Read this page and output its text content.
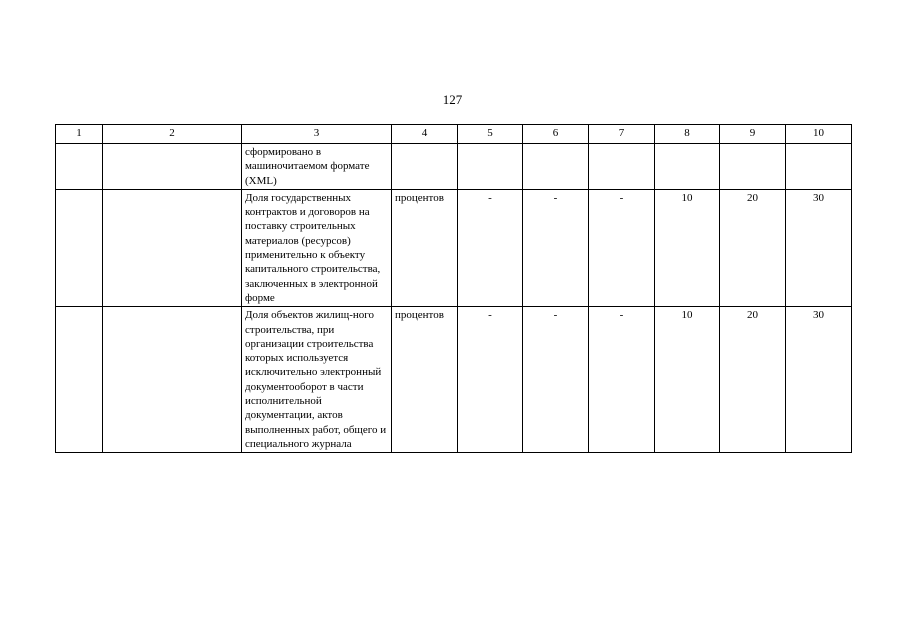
127
1	2	3	4	5	6	7	8	9	10
		сформировано в машиночитаемом формате (XML)							
		Доля государственных контрактов и договоров на поставку строительных материалов (ресурсов) применительно к объекту капитального строительства, заключенных в электронной форме	процентов	-	-	-	10	20	30
		Доля объектов жилищ-ного строительства, при организации строительства которых используется исключительно электронный документооборот в части исполнительной документации, актов выполненных работ, общего и специального журнала	процентов	-	-	-	10	20	30
